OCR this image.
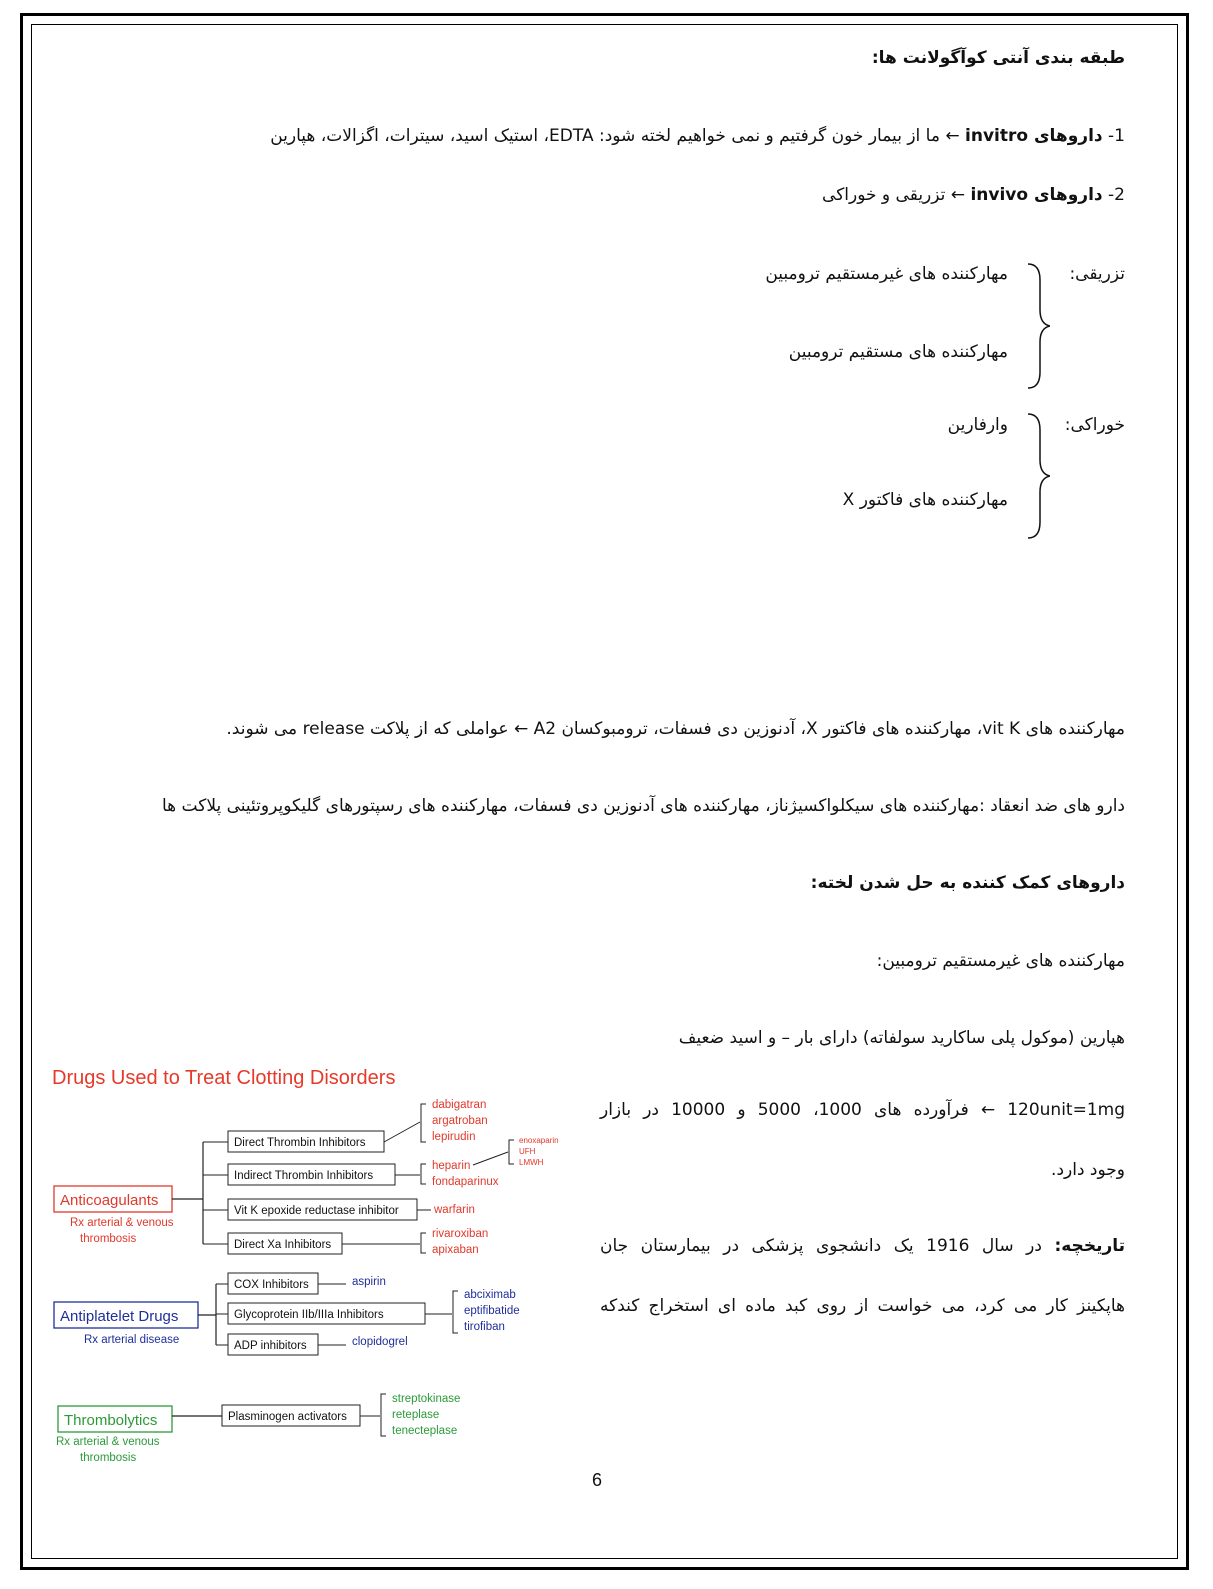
طبقه بندی آنتی کوآگولانت ها:
1- داروهای invitro ← ما از بیمار خون گرفتیم و نمی خواهیم لخته شود: EDTA، استیک اسید، سیترات، اگزالات، هپارین
2- داروهای invivo ← تزریقی و خوراکی
تزریقی:
مهارکننده های غیرمستقیم ترومبین
مهارکننده های مستقیم ترومبین
خوراکی:
وارفارین
مهارکننده های فاکتور X
مهارکننده های vit K، مهارکننده های فاکتور X، آدنوزین دی فسفات، ترومبوکسان A2 ← عواملی که از پلاکت release می شوند.
دارو های ضد انعقاد :مهارکننده های سیکلواکسیژناز، مهارکننده های آدنوزین دی فسفات، مهارکننده های رسپتورهای گلیکوپروتئینی پلاکت ها
داروهای کمک کننده به حل شدن لخته:
مهارکننده های غیرمستقیم ترومبین:
هپارین (موکول پلی ساکارید سولفاته) دارای بار – و اسید ضعیف
120unit=1mg ← فرآورده های 1000، 5000 و 10000 در بازار
وجود دارد.
تاریخچه: در سال 1916 یک دانشجوی پزشکی در بیمارستان جان
هاپکینز کار می کرد، می خواست از روی کبد ماده ای استخراج کندکه
Drugs Used to Treat Clotting Disorders
Anticoagulants
Rx arterial & venous
thrombosis
Direct Thrombin Inhibitors
Indirect Thrombin Inhibitors
Vit K epoxide reductase inhibitor
Direct Xa Inhibitors
dabigatran
argatroban
lepirudin
heparin
fondaparinux
enoxaparin
UFH
LMWH
warfarin
rivaroxiban
apixaban
Antiplatelet Drugs
Rx arterial disease
COX Inhibitors
Glycoprotein IIb/IIIa Inhibitors
ADP inhibitors
aspirin
abciximab
eptifibatide
tirofiban
clopidogrel
Thrombolytics
Rx arterial & venous
thrombosis
Plasminogen activators
streptokinase
reteplase
tenecteplase
6
